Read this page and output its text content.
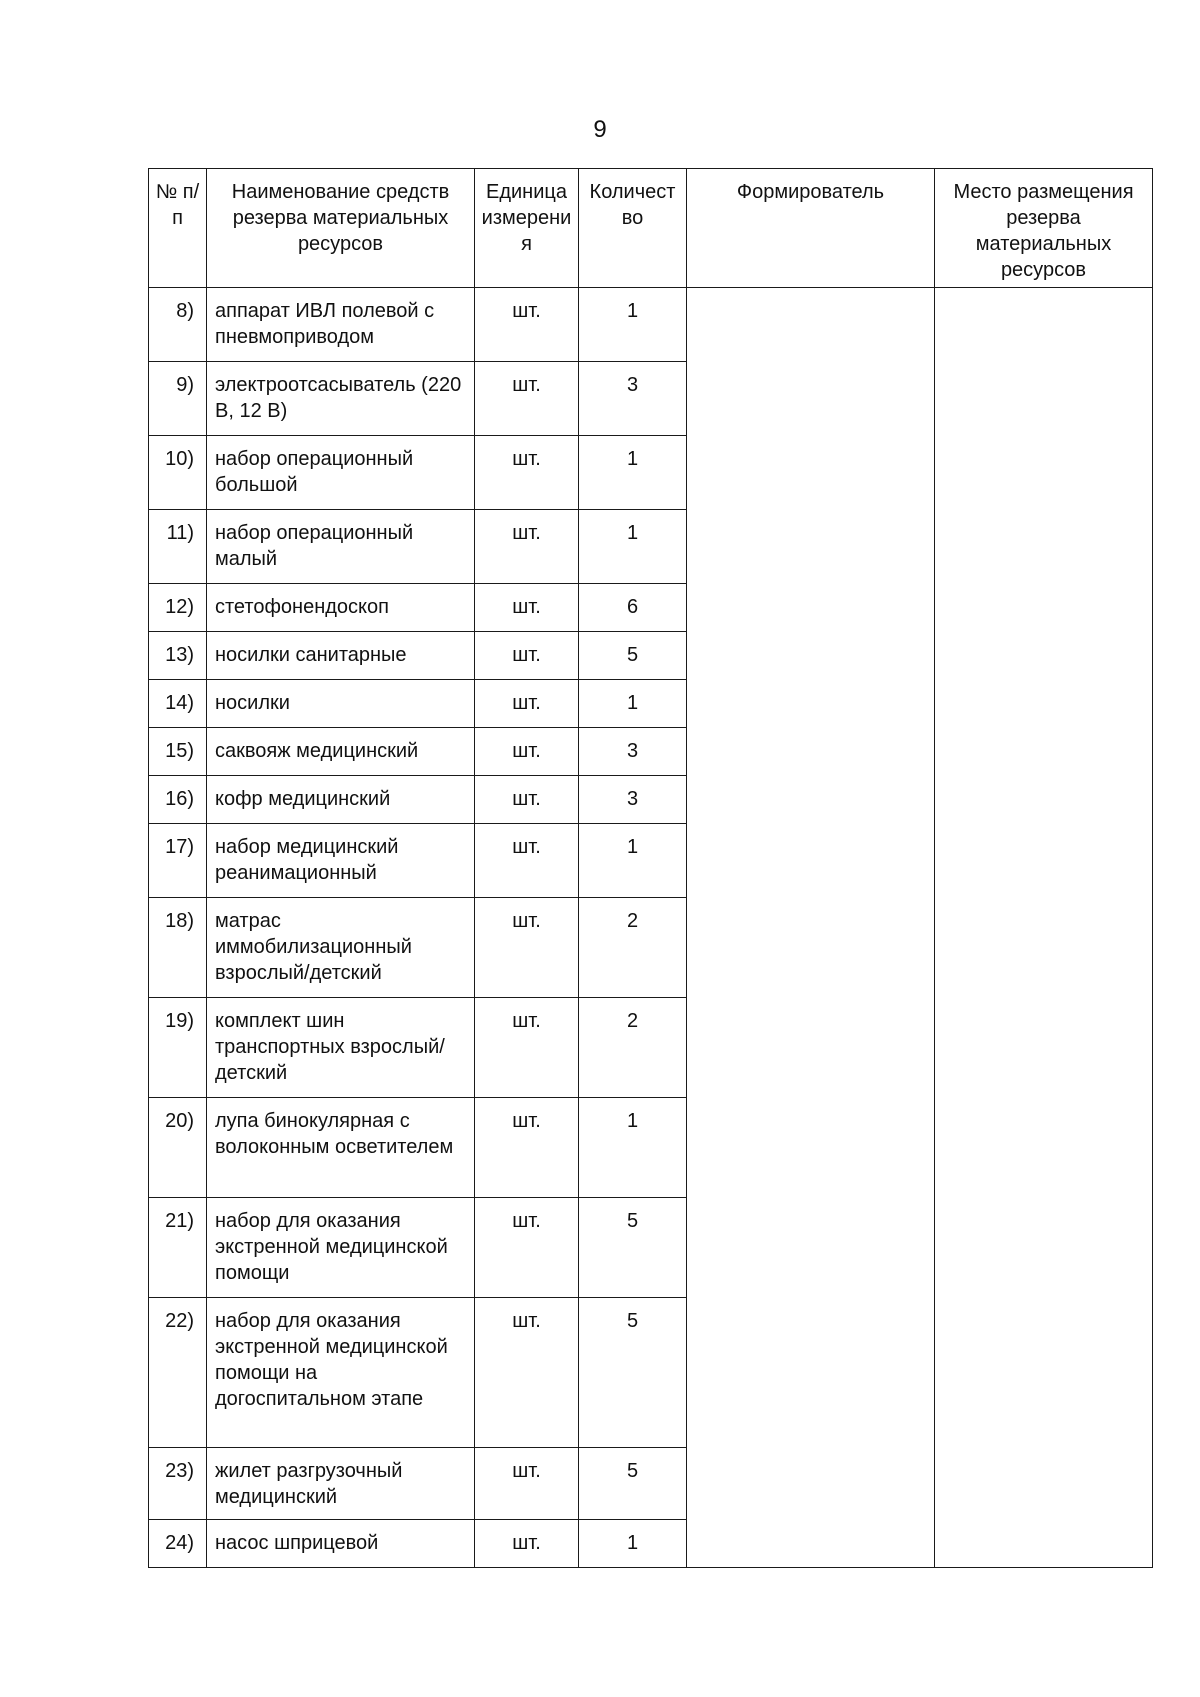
9
№ п/п	Наименование средств резерва материальных ресурсов	Единица измерения	Количество	Формирователь	Место размещения резерва материальных ресурсов
8)	аппарат ИВЛ полевой с пневмоприводом	шт.	1		
9)	электроотсасыватель (220 В, 12 В)	шт.	3		
10)	набор операционный большой	шт.	1		
11)	набор операционный малый	шт.	1		
12)	стетофонендоскоп	шт.	6		
13)	носилки санитарные	шт.	5		
14)	носилки	шт.	1		
15)	саквояж медицинский	шт.	3		
16)	кофр медицинский	шт.	3		
17)	набор медицинский реанимационный	шт.	1		
18)	матрас иммобилизационный взрослый/детский	шт.	2		
19)	комплект шин транспортных взрослый/детский	шт.	2		
20)	лупа бинокулярная с волоконным осветителем	шт.	1		
21)	набор для оказания экстренной медицинской помощи	шт.	5		
22)	набор для оказания экстренной медицинской помощи на догоспитальном этапе	шт.	5		
23)	жилет разгрузочный медицинский	шт.	5		
24)	насос шприцевой	шт.	1		
